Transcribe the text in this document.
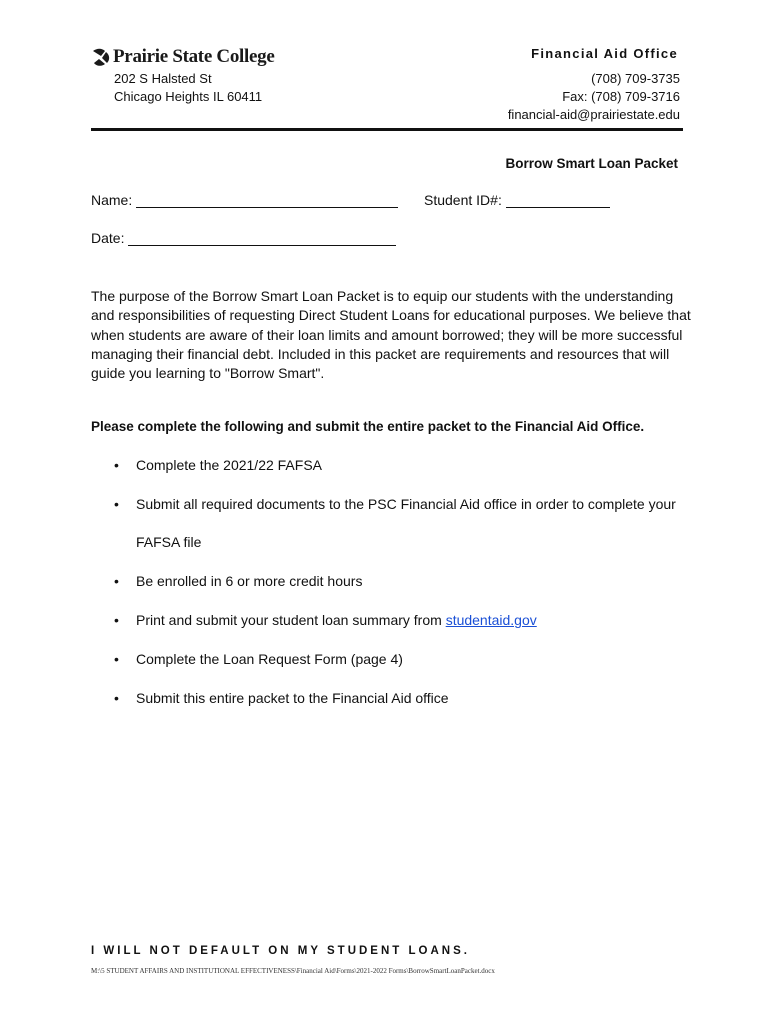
Prairie State College
202 S Halsted St
Chicago Heights IL 60411
Financial Aid Office
(708) 709-3735
Fax: (708) 709-3716
financial-aid@prairiestate.edu
Borrow Smart Loan Packet
Name:	Student ID#:
Date:
The purpose of the Borrow Smart Loan Packet is to equip our students with the understanding and responsibilities of requesting Direct Student Loans for educational purposes. We believe that when students are aware of their loan limits and amount borrowed; they will be more successful managing their financial debt. Included in this packet are requirements and resources that will guide you learning to "Borrow Smart".
Please complete the following and submit the entire packet to the Financial Aid Office.
• Complete the 2021/22 FAFSA
• Submit all required documents to the PSC Financial Aid office in order to complete your
FAFSA file
• Be enrolled in 6 or more credit hours
• Print and submit your student loan summary from studentaid.gov
• Complete the Loan Request Form (page 4)
• Submit this entire packet to the Financial Aid office
I WILL NOT DEFAULT ON MY STUDENT LOANS.
M:\5 STUDENT AFFAIRS AND INSTITUTIONAL EFFECTIVENESS\Financial Aid\Forms\2021-2022 Forms\BorrowSmartLoanPacket.docx
